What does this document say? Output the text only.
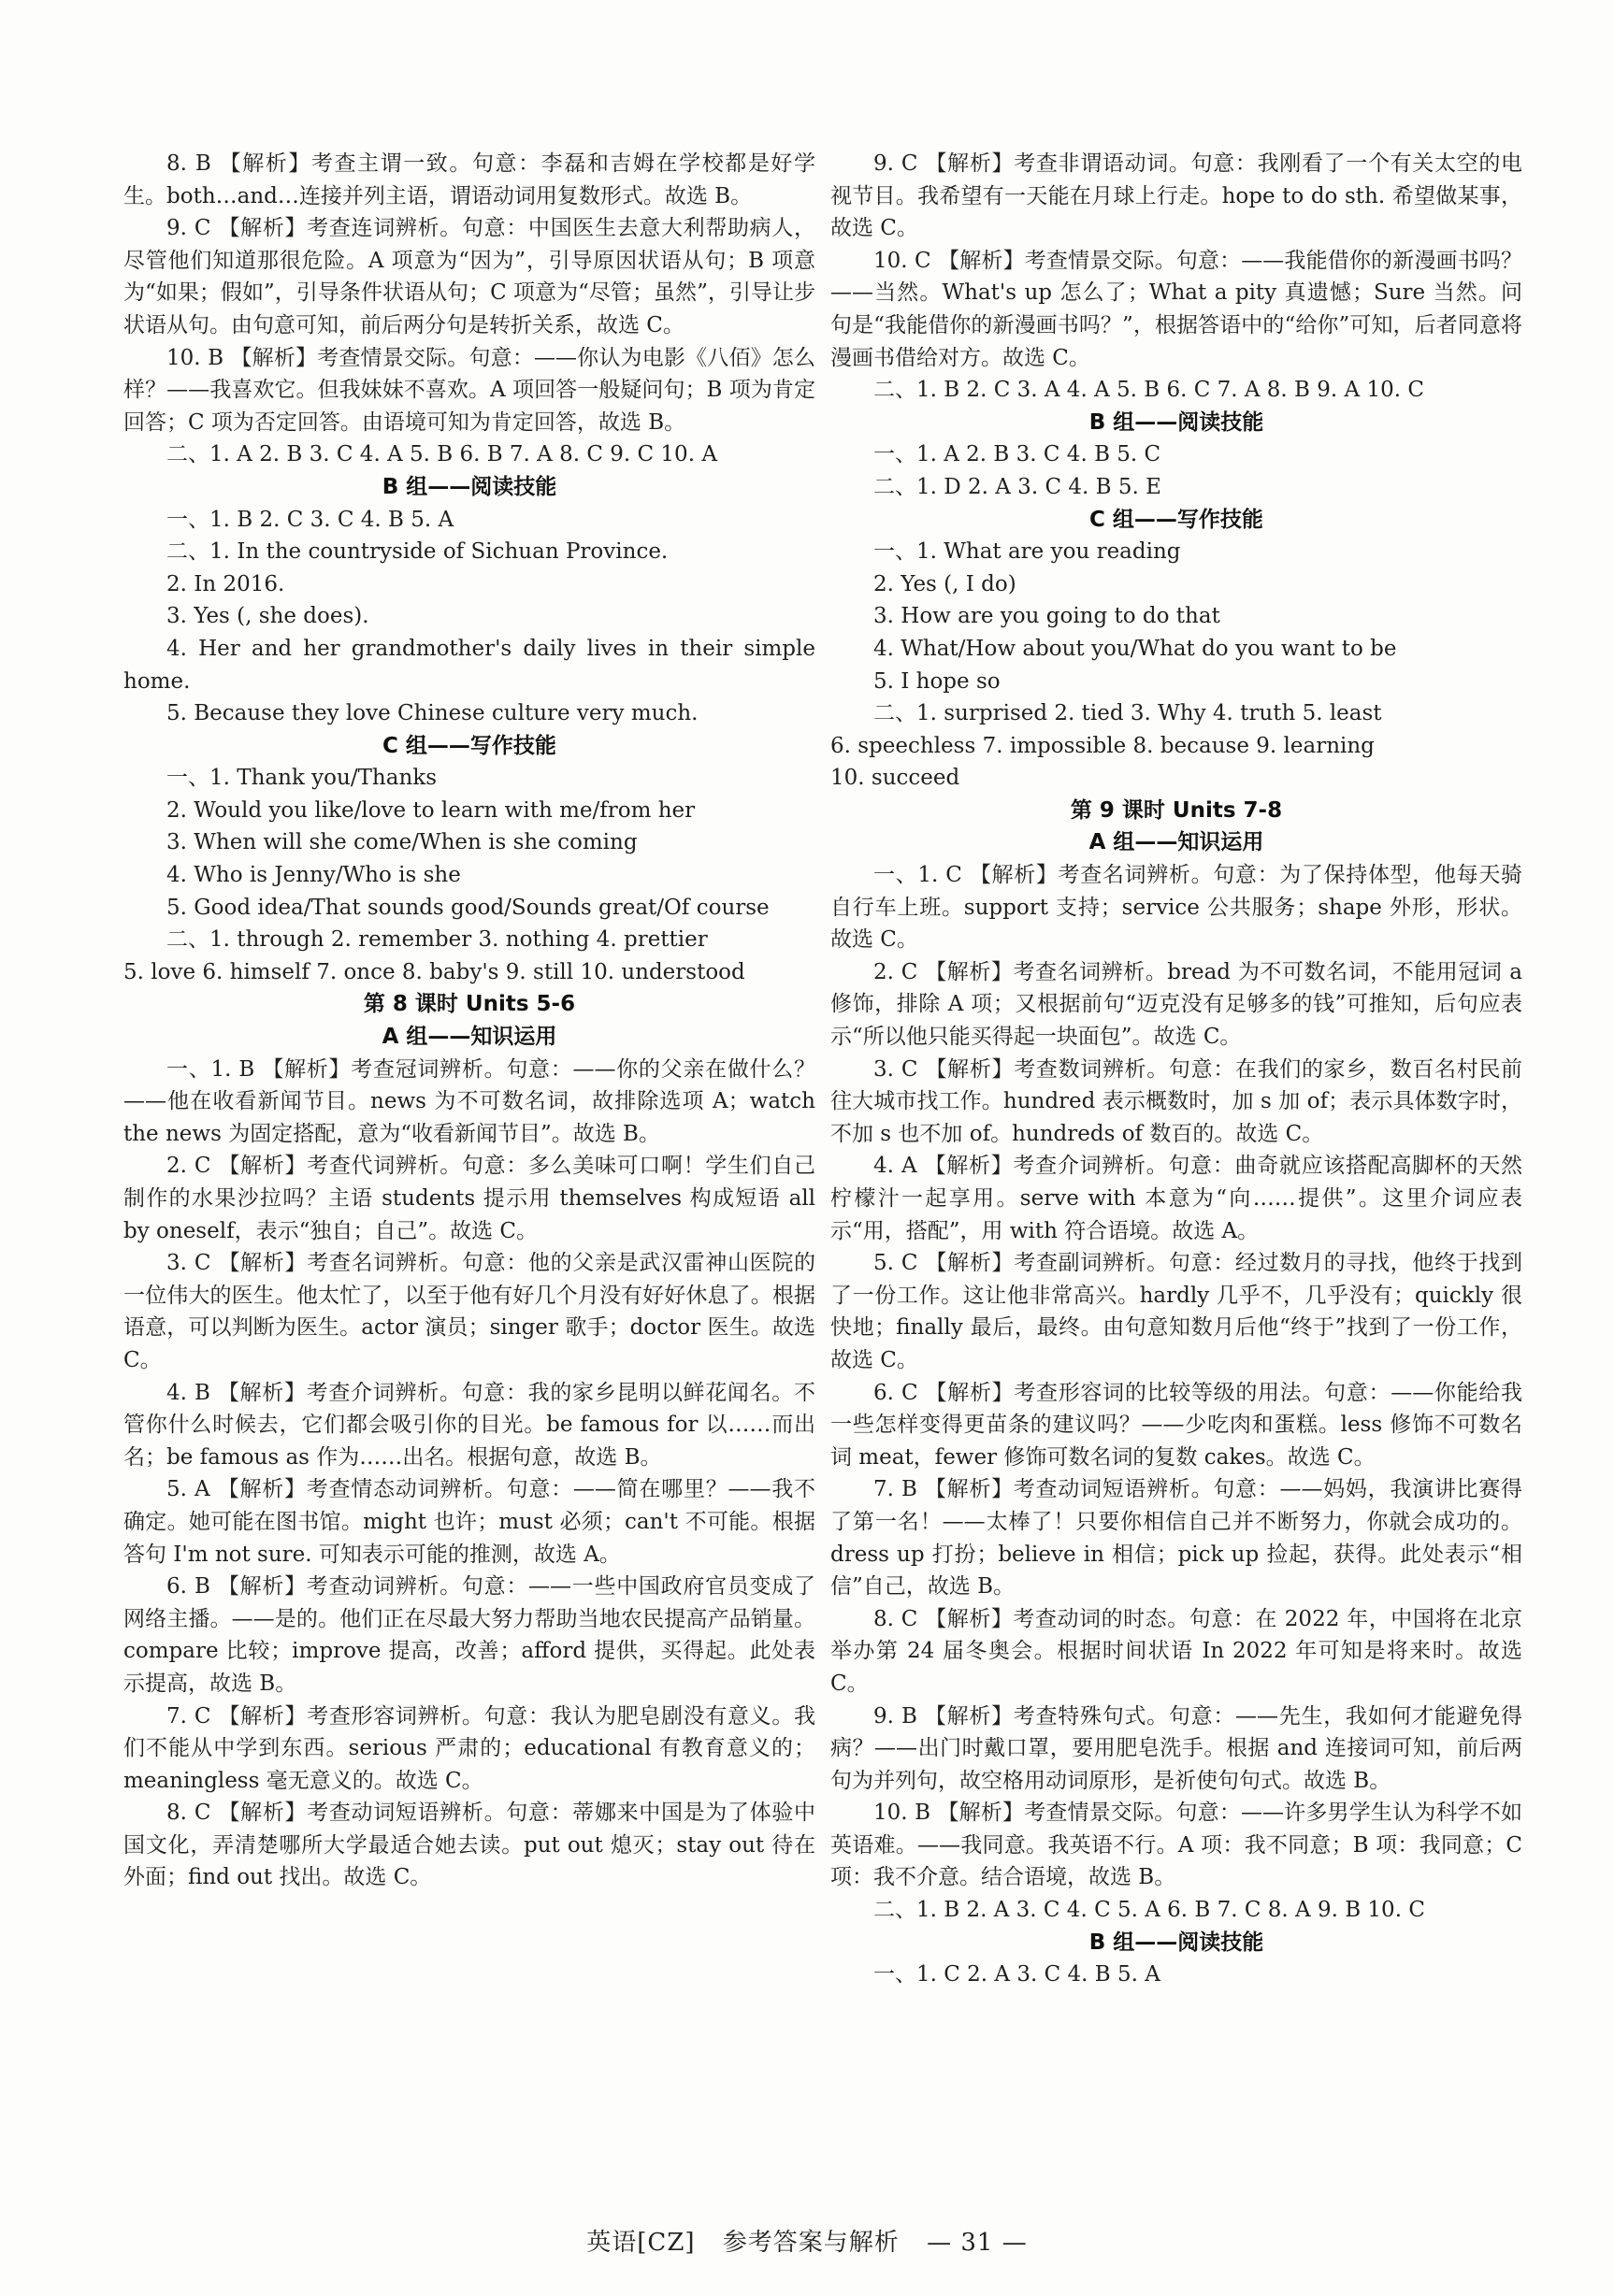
8. B 【解析】考查主谓一致。句意：李磊和吉姆在学校都是好学生。both…and…连接并列主语，谓语动词用复数形式。故选 B。

9. C 【解析】考查连词辨析。句意：中国医生去意大利帮助病人，尽管他们知道那很危险。A 项意为“因为”，引导原因状语从句；B 项意为“如果；假如”，引导条件状语从句；C 项意为“尽管；虽然”，引导让步状语从句。由句意可知，前后两分句是转折关系，故选 C。

10. B 【解析】考查情景交际。句意：——你认为电影《八佰》怎么样？——我喜欢它。但我妹妹不喜欢。A 项回答一般疑问句；B 项为肯定回答；C 项为否定回答。由语境可知为肯定回答，故选 B。

二、1. A 2. B 3. C 4. A 5. B 6. B 7. A 8. C 9. C 10. A

B 组——阅读技能

一、1. B 2. C 3. C 4. B 5. A

二、1. In the countryside of Sichuan Province.

2. In 2016.

3. Yes (, she does).

4. Her and her grandmother's daily lives in their simple home.

5. Because they love Chinese culture very much.

C 组——写作技能

一、1. Thank you/Thanks

2. Would you like/love to learn with me/from her

3. When will she come/When is she coming

4. Who is Jenny/Who is she

5. Good idea/That sounds good/Sounds great/Of course

二、1. through 2. remember 3. nothing 4. prettier

5. love 6. himself 7. once 8. baby's 9. still 10. understood

第 8 课时 Units 5-6

A 组——知识运用

一、1. B 【解析】考查冠词辨析。句意：——你的父亲在做什么？——他在收看新闻节目。news 为不可数名词，故排除选项 A；watch the news 为固定搭配，意为“收看新闻节目”。故选 B。

2. C 【解析】考查代词辨析。句意：多么美味可口啊！学生们自己制作的水果沙拉吗？主语 students 提示用 themselves 构成短语 all by oneself，表示“独自；自己”。故选 C。

3. C 【解析】考查名词辨析。句意：他的父亲是武汉雷神山医院的一位伟大的医生。他太忙了，以至于他有好几个月没有好好休息了。根据语意，可以判断为医生。actor 演员；singer 歌手；doctor 医生。故选 C。

4. B 【解析】考查介词辨析。句意：我的家乡昆明以鲜花闻名。不管你什么时候去，它们都会吸引你的目光。be famous for 以……而出名；be famous as 作为……出名。根据句意，故选 B。

5. A 【解析】考查情态动词辨析。句意：——简在哪里？——我不确定。她可能在图书馆。might 也许；must 必须；can't 不可能。根据答句 I'm not sure. 可知表示可能的推测，故选 A。

6. B 【解析】考查动词辨析。句意：——一些中国政府官员变成了网络主播。——是的。他们正在尽最大努力帮助当地农民提高产品销量。compare 比较；improve 提高，改善；afford 提供，买得起。此处表示提高，故选 B。

7. C 【解析】考查形容词辨析。句意：我认为肥皂剧没有意义。我们不能从中学到东西。serious 严肃的；educational 有教育意义的；meaningless 毫无意义的。故选 C。

8. C 【解析】考查动词短语辨析。句意：蒂娜来中国是为了体验中国文化，弄清楚哪所大学最适合她去读。put out 熄灭；stay out 待在外面；find out 找出。故选 C。

9. C 【解析】考查非谓语动词。句意：我刚看了一个有关太空的电视节目。我希望有一天能在月球上行走。hope to do sth. 希望做某事，故选 C。

10. C 【解析】考查情景交际。句意：——我能借你的新漫画书吗？——当然。What's up 怎么了；What a pity 真遗憾；Sure 当然。问句是“我能借你的新漫画书吗？”，根据答语中的“给你”可知，后者同意将漫画书借给对方。故选 C。

二、1. B 2. C 3. A 4. A 5. B 6. C 7. A 8. B 9. A 10. C

B 组——阅读技能

一、1. A 2. B 3. C 4. B 5. C

二、1. D 2. A 3. C 4. B 5. E

C 组——写作技能

一、1. What are you reading

2. Yes (, I do)

3. How are you going to do that

4. What/How about you/What do you want to be

5. I hope so

二、1. surprised 2. tied 3. Why 4. truth 5. least

6. speechless 7. impossible 8. because 9. learning

10. succeed

第 9 课时 Units 7-8

A 组——知识运用

一、1. C 【解析】考查名词辨析。句意：为了保持体型，他每天骑自行车上班。support 支持；service 公共服务；shape 外形，形状。故选 C。

2. C 【解析】考查名词辨析。bread 为不可数名词，不能用冠词 a 修饰，排除 A 项；又根据前句“迈克没有足够多的钱”可推知，后句应表示“所以他只能买得起一块面包”。故选 C。

3. C 【解析】考查数词辨析。句意：在我们的家乡，数百名村民前往大城市找工作。hundred 表示概数时，加 s 加 of；表示具体数字时，不加 s 也不加 of。hundreds of 数百的。故选 C。

4. A 【解析】考查介词辨析。句意：曲奇就应该搭配高脚杯的天然柠檬汁一起享用。serve with 本意为“向……提供”。这里介词应表示“用，搭配”，用 with 符合语境。故选 A。

5. C 【解析】考查副词辨析。句意：经过数月的寻找，他终于找到了一份工作。这让他非常高兴。hardly 几乎不，几乎没有；quickly 很快地；finally 最后，最终。由句意知数月后他“终于”找到了一份工作，故选 C。

6. C 【解析】考查形容词的比较等级的用法。句意：——你能给我一些怎样变得更苗条的建议吗？——少吃肉和蛋糕。less 修饰不可数名词 meat，fewer 修饰可数名词的复数 cakes。故选 C。

7. B 【解析】考查动词短语辨析。句意：——妈妈，我演讲比赛得了第一名！——太棒了！只要你相信自己并不断努力，你就会成功的。dress up 打扮；believe in 相信；pick up 捡起，获得。此处表示“相信”自己，故选 B。

8. C 【解析】考查动词的时态。句意：在 2022 年，中国将在北京举办第 24 届冬奥会。根据时间状语 In 2022 年可知是将来时。故选 C。

9. B 【解析】考查特殊句式。句意：——先生，我如何才能避免得病？——出门时戴口罩，要用肥皂洗手。根据 and 连接词可知，前后两句为并列句，故空格用动词原形，是祈使句句式。故选 B。

10. B 【解析】考查情景交际。句意：——许多男学生认为科学不如英语难。——我同意。我英语不行。A 项：我不同意；B 项：我同意；C 项：我不介意。结合语境，故选 B。

二、1. B 2. A 3. C 4. C 5. A 6. B 7. C 8. A 9. B 10. C

B 组——阅读技能

一、1. C 2. A 3. C 4. B 5. A

英语[CZ] 参考答案与解析 — 31 —
